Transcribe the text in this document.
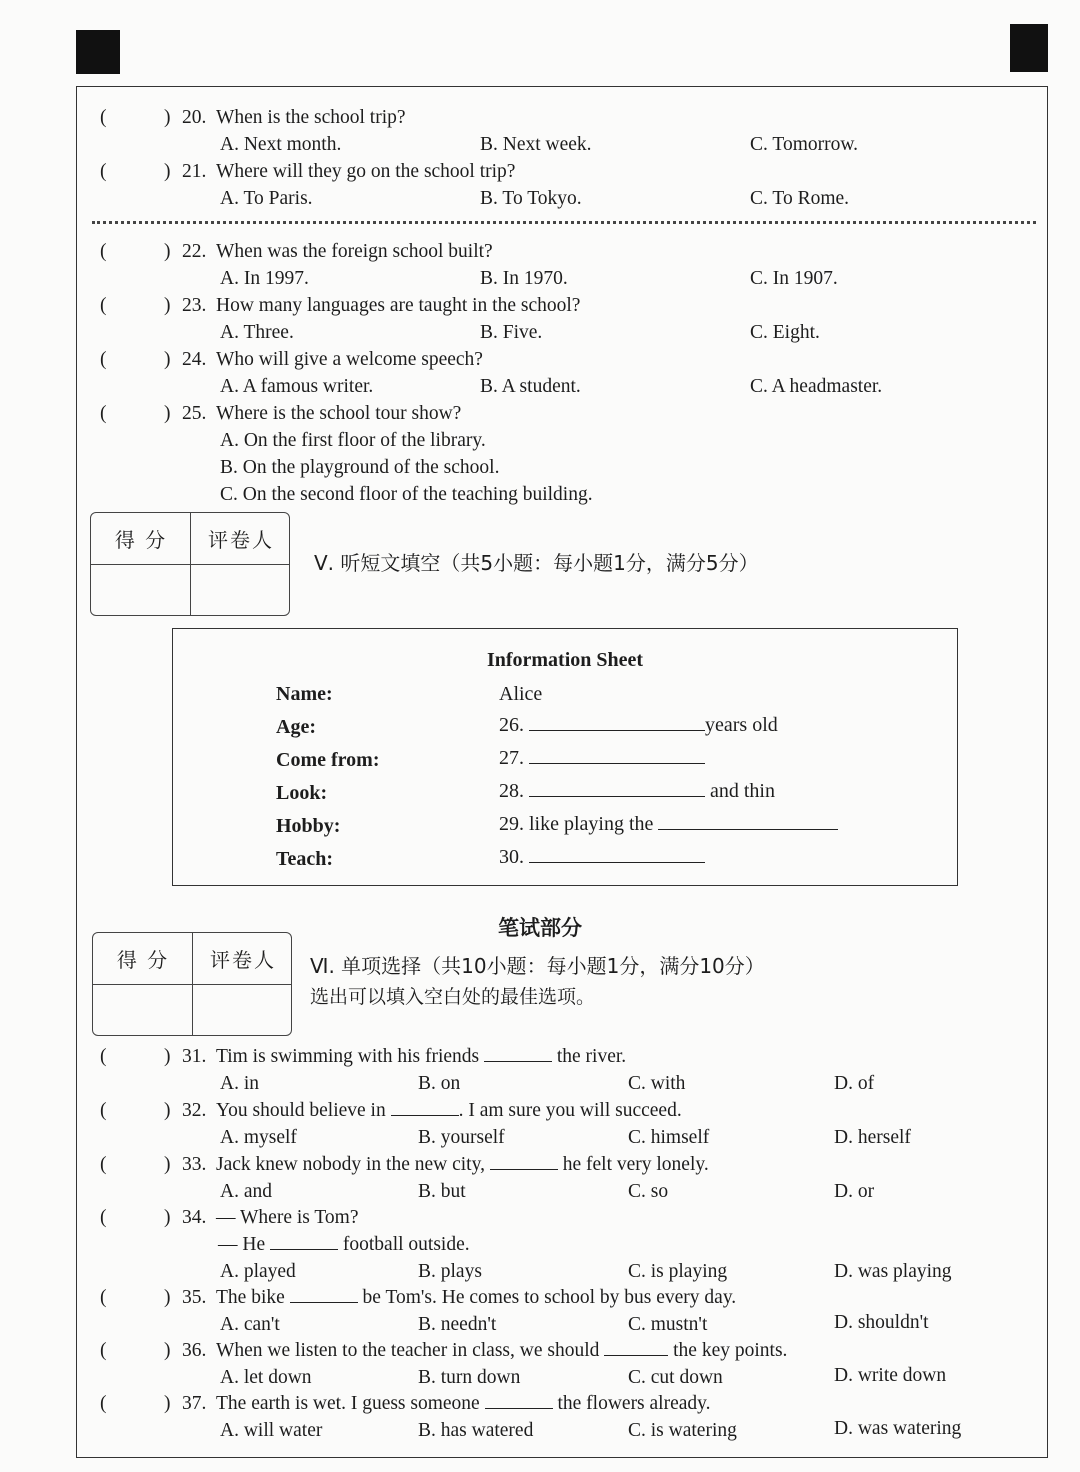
(	) 20. When is the school trip?
A. Next month.	B. Next week.	C. Tomorrow.
(	) 21. Where will they go on the school trip?
A. To Paris.	B. To Tokyo.	C. To Rome.
(	) 22. When was the foreign school built?
A. In 1997.	B. In 1970.	C. In 1907.
(	) 23. How many languages are taught in the school?
A. Three.	B. Five.	C. Eight.
(	) 24. Who will give a welcome speech?
A. A famous writer.	B. A student.	C. A headmaster.
(	) 25. Where is the school tour show?
A. On the first floor of the library.
B. On the playground of the school.
C. On the second floor of the teaching building.
得 分	评卷人
Ⅴ. 听短文填空（共5小题：每小题1分，满分5分）
Information Sheet
Name:	Alice
Age:	26.	years old
Come from:	27.
Look:	28.	and thin
Hobby:	29. like playing the
Teach:	30.
笔试部分
得 分	评卷人	Ⅵ. 单项选择（共10小题：每小题1分，满分10分）
选出可以填入空白处的最佳选项。
(	) 31. Tim is swimming with his friends	the river.
A. in	B. on	C. with	D. of
(	) 32. You should believe in	. I am sure you will succeed.
A. myself	B. yourself	C. himself	D. herself
(	) 33. Jack knew nobody in the new city,	he felt very lonely.
A. and	B. but	C. so	D. or
(	) 34. — Where is Tom?
— He	football outside.
A. played	B. plays	C. is playing	D. was playing
(	) 35. The bike	be Tom's. He comes to school by bus every day.
A. can't	B. needn't	C. mustn't	D. shouldn't
(	) 36. When we listen to the teacher in class, we should	the key points.
A. let down	B. turn down	C. cut down	D. write down
(	) 37. The earth is wet. I guess someone	the flowers already.
A. will water	B. has watered	C. is watering	D. was watering
